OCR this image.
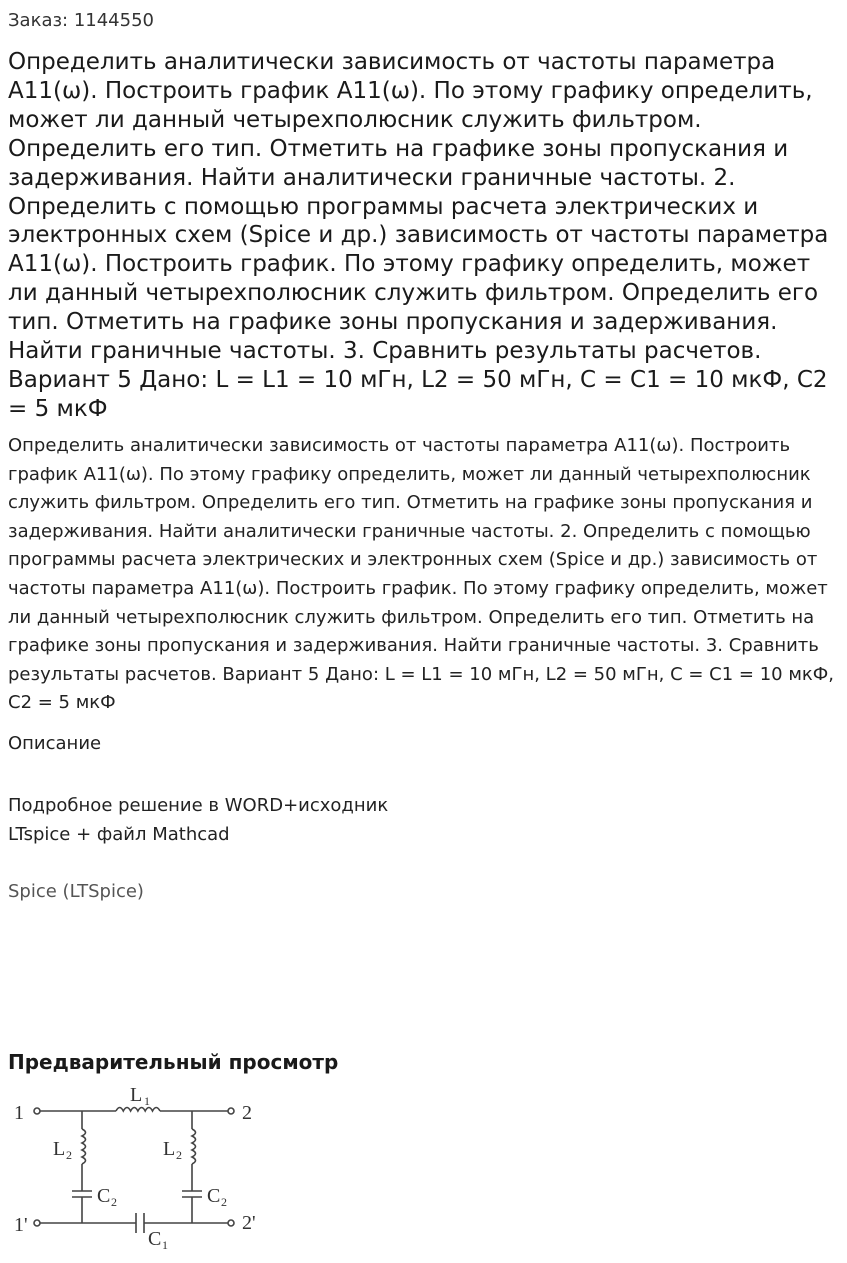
Заказ: 1144550
Определить аналитически зависимость от частоты параметра А11(ω). Построить график А11(ω). По этому графику определить, может ли данный четырехполюсник служить фильтром. Определить его тип. Отметить на графике зоны пропускания и задерживания. Найти аналитически граничные частоты. 2. Определить с помощью программы расчета электрических и электронных схем (Spice и др.) зависимость от частоты параметра А11(ω). Построить график. По этому графику определить, может ли данный четырехполюсник служить фильтром. Определить его тип. Отметить на графике зоны пропускания и задерживания. Найти граничные частоты. 3. Сравнить результаты расчетов. Вариант 5 Дано: L = L1 = 10 мГн, L2 = 50 мГн, C = C1 = 10 мкФ, C2 = 5 мкФ

Определить аналитически зависимость от частоты параметра А11(ω). Построить график А11(ω). По этому графику определить, может ли данный четырехполюсник служить фильтром. Определить его тип. Отметить на графике зоны пропускания и задерживания. Найти аналитически граничные частоты. 2. Определить с помощью программы расчета электрических и электронных схем (Spice и др.) зависимость от частоты параметра А11(ω). Построить график. По этому графику определить, может ли данный четырехполюсник служить фильтром. Определить его тип. Отметить на графике зоны пропускания и задерживания. Найти граничные частоты. 3. Сравнить результаты расчетов. Вариант 5 Дано: L = L1 = 10 мГн, L2 = 50 мГн, C = C1 = 10 мкФ, C2 = 5 мкФ

Описание
Подробное решение в WORD+исходник
LTspice + файл Mathcad
Spice (LTSpice)
Предварительный просмотр
1	2
1'	2'
L 1
L 2	L 2
C 2	C 2
C 1
